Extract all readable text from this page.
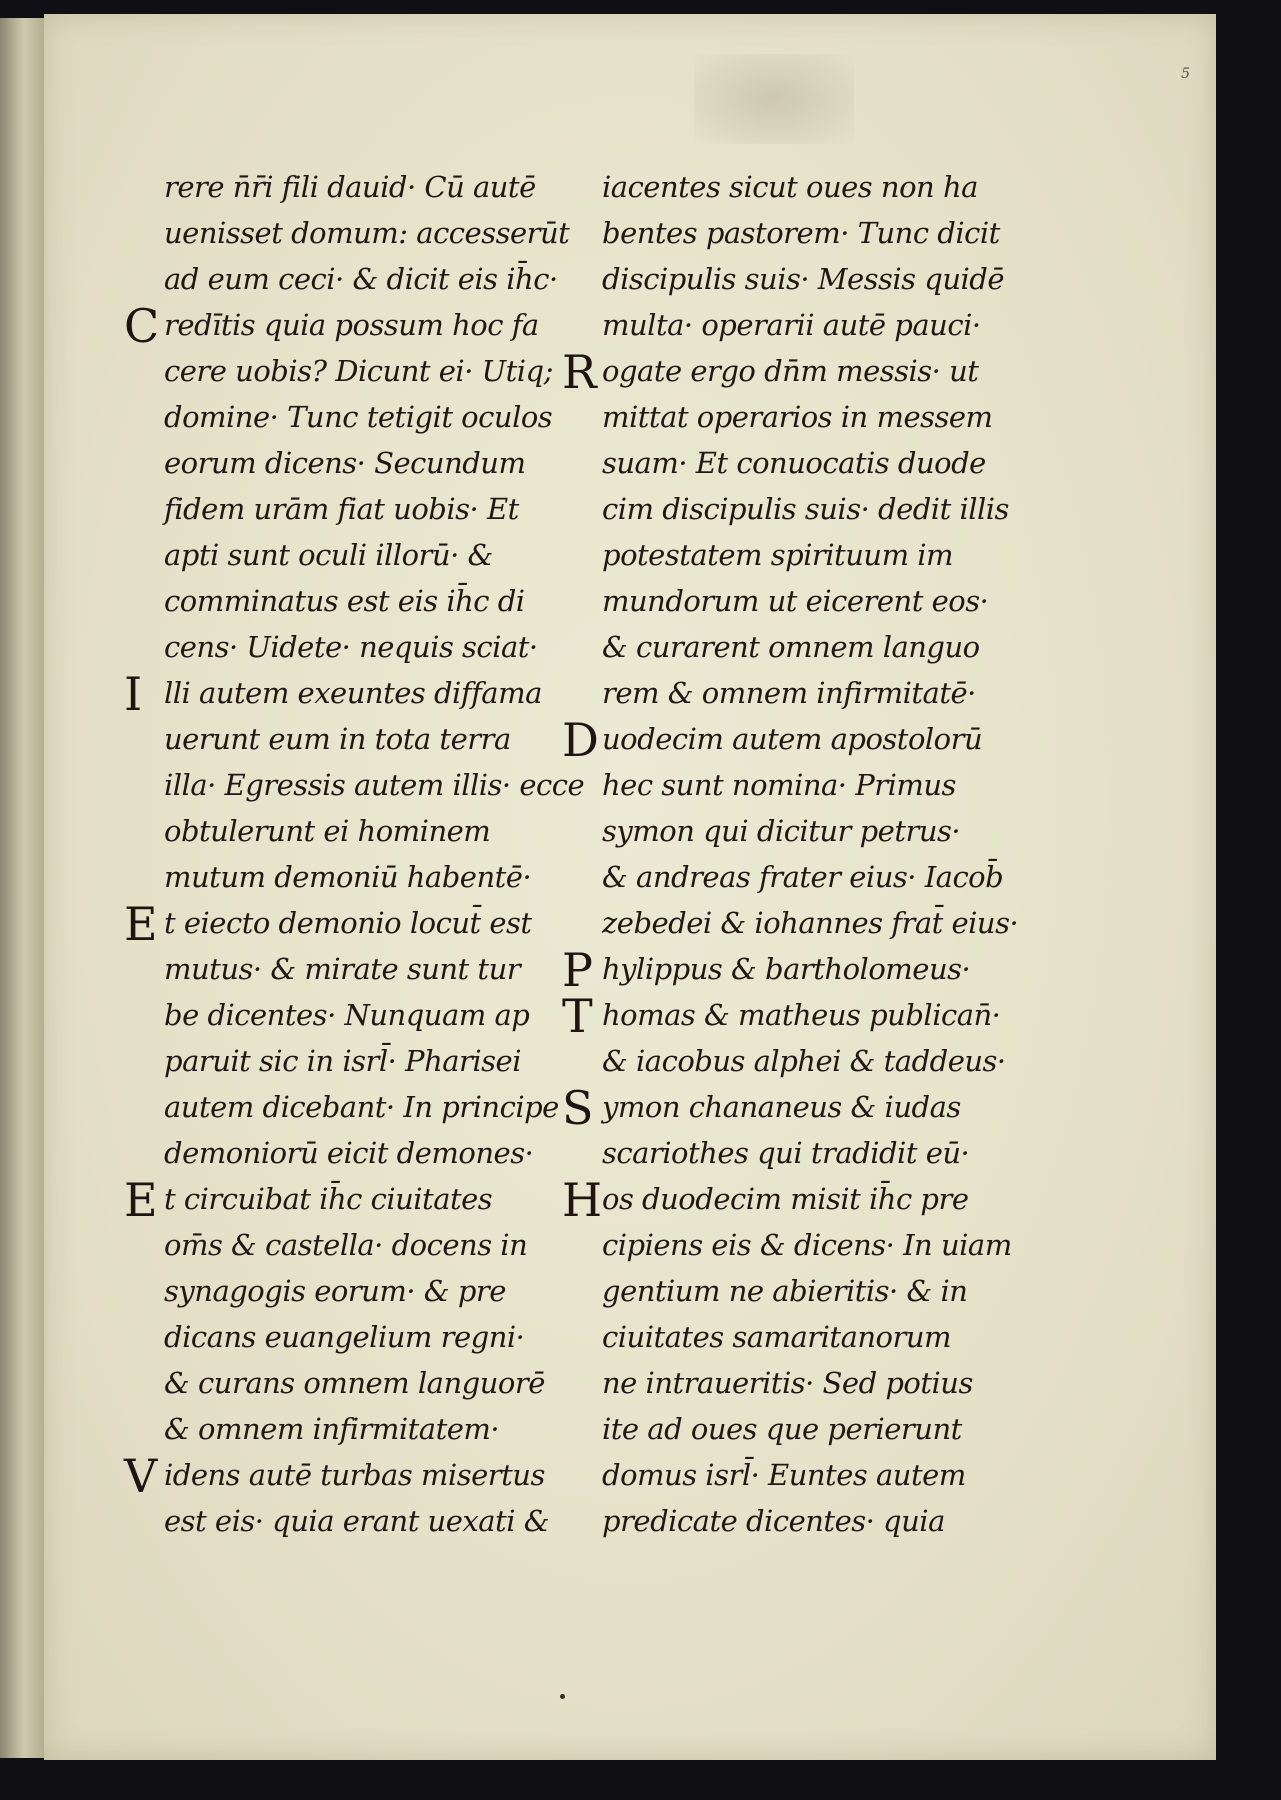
5
rere n̄r̄i fili dauid· Cū autē
uenisset domum: accesserūt
ad eum ceci· & dicit eis ih̄c·
C redītis quia possum hoc fa
cere uobis? Dicunt ei· Utiq;
domine· Tunc tetigit oculos
eorum dicens· Secundum
fidem urām fiat uobis· Et
apti sunt oculi illorū· &
comminatus est eis ih̄c di
cens· Uidete· nequis sciat·
I lli autem exeuntes diffama
uerunt eum in tota terra
illa· Egressis autem illis· ecce
obtulerunt ei hominem
mutum demoniū habentē·
E t eiecto demonio locut̄ est
mutus· & mirate sunt tur
be dicentes· Nunquam ap
paruit sic in isrl̄· Pharisei
autem dicebant· In principe
demoniorū eicit demones·
E t circuibat ih̄c ciuitates
om̄s & castella· docens in
synagogis eorum· & pre
dicans euangelium regni·
& curans omnem languorē
& omnem infirmitatem·
V idens autē turbas misertus
est eis· quia erant uexati &
iacentes sicut oues non ha
bentes pastorem· Tunc dicit
discipulis suis· Messis quidē
multa· operarii autē pauci·
R ogate ergo dn̄m messis· ut
mittat operarios in messem
suam· Et conuocatis duode
cim discipulis suis· dedit illis
potestatem spirituum im
mundorum ut eicerent eos·
& curarent omnem languo
rem & omnem infirmitatē·
D uodecim autem apostolorū
hec sunt nomina· Primus
symon qui dicitur petrus·
& andreas frater eius· Iacob̄
zebedei & iohannes frat̄ eius·
P hylippus & bartholomeus·
T homas & matheus publican̄·
& iacobus alphei & taddeus·
S ymon chananeus & iudas
scariothes qui tradidit eū·
H os duodecim misit ih̄c pre
cipiens eis & dicens· In uiam
gentium ne abieritis· & in
ciuitates samaritanorum
ne intraueritis· Sed potius
ite ad oues que perierunt
domus isrl̄· Euntes autem
predicate dicentes· quia
